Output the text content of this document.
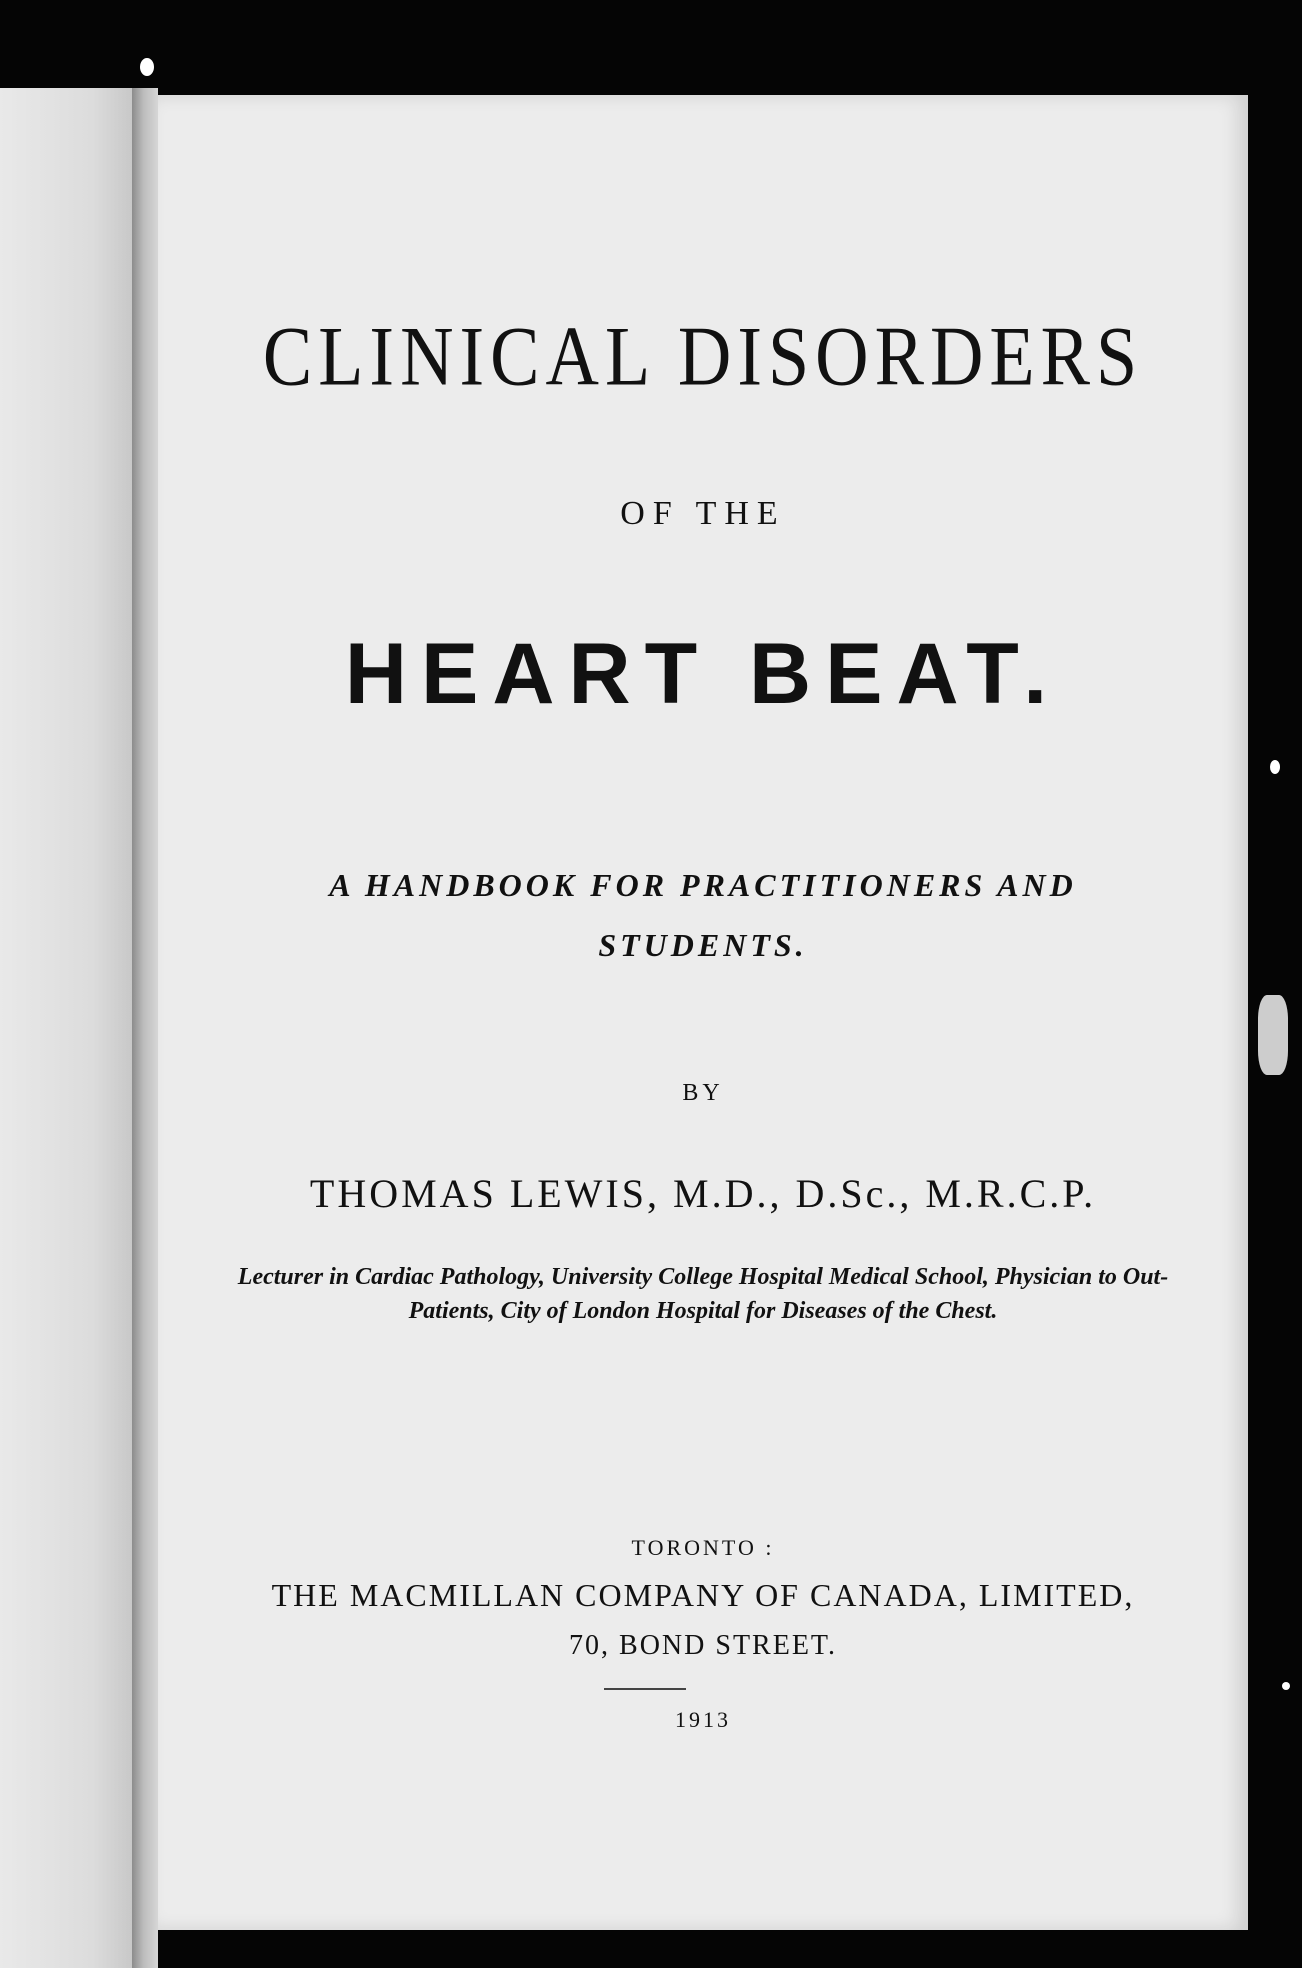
CLINICAL DISORDERS
OF THE
HEART BEAT.
A HANDBOOK FOR PRACTITIONERS AND STUDENTS.
BY
THOMAS LEWIS, M.D., D.Sc., M.R.C.P.
Lecturer in Cardiac Pathology, University College Hospital Medical School, Physician to Out-Patients, City of London Hospital for Diseases of the Chest.
TORONTO :
THE MACMILLAN COMPANY OF CANADA, LIMITED,
70, BOND STREET.
1913
